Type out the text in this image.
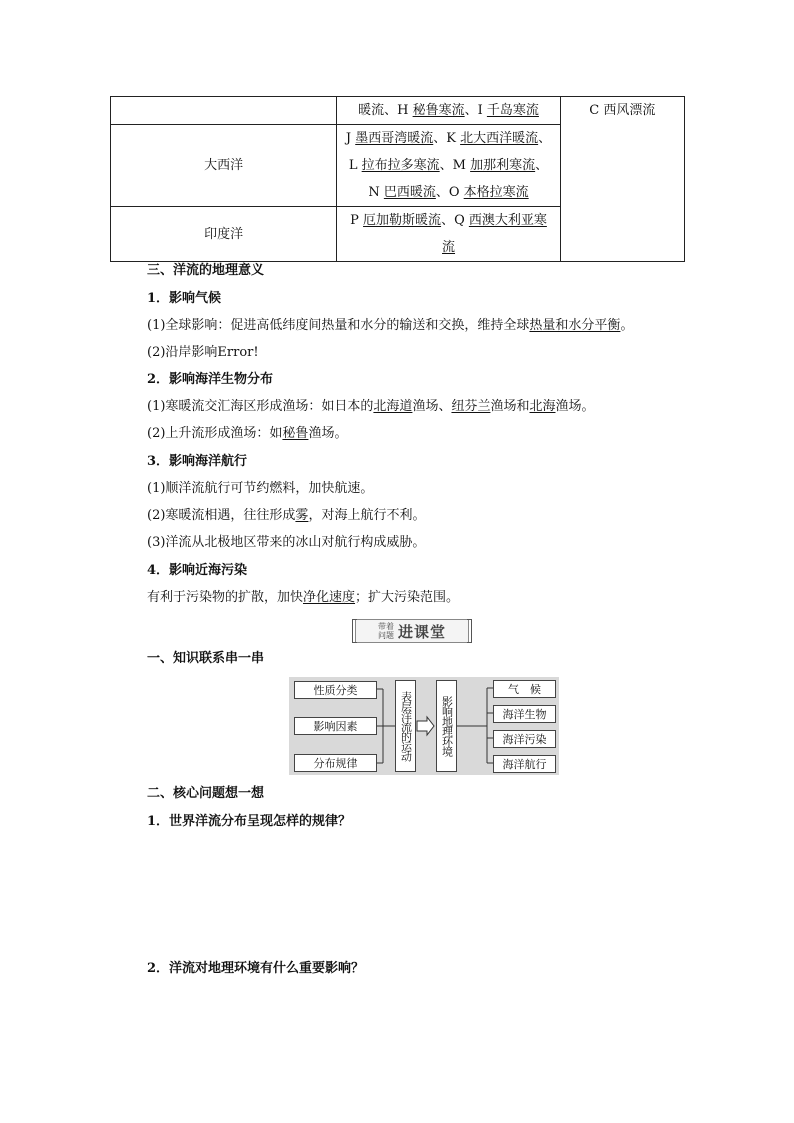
	暖流、H 秘鲁寒流、I 千岛寒流	C 西风漂流
大西洋	J 墨西哥湾暖流、K 北大西洋暖流、
L 拉布拉多寒流、M 加那利寒流、
N 巴西暖流、O 本格拉寒流	

印度洋	P 厄加勒斯暖流、Q 西澳大利亚寒
流	
三、洋流的地理意义
1．影响气候
(1)全球影响：促进高低纬度间热量和水分的输送和交换，维持全球热量和水分平衡。
(2)沿岸影响Error!
2．影响海洋生物分布
(1)寒暖流交汇海区形成渔场：如日本的北海道渔场、纽芬兰渔场和北海渔场。
(2)上升流形成渔场：如秘鲁渔场。
3．影响海洋航行
(1)顺洋流航行可节约燃料，加快航速。
(2)寒暖流相遇，往往形成雾，对海上航行不利。
(3)洋流从北极地区带来的冰山对航行构成威胁。
4．影响近海污染
有利于污染物的扩散，加快净化速度；扩大污染范围。
带着
问题 进课堂
一、知识联系串一串
性质分类
影响因素
分布规律
表层洋流的运动	影响地理环境
气　候
海洋生物
海洋污染
海洋航行
二、核心问题想一想
1．世界洋流分布呈现怎样的规律？
2．洋流对地理环境有什么重要影响？
